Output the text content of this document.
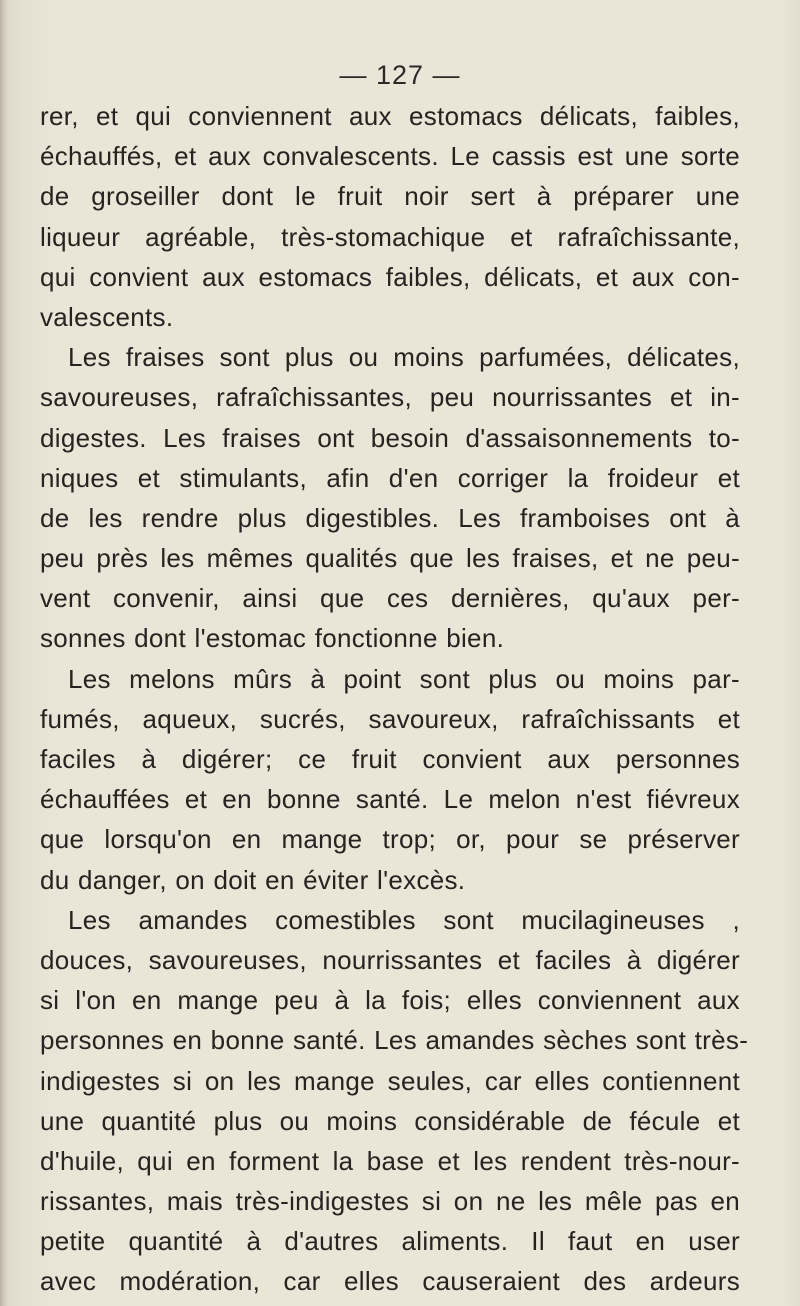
— 127 —
rer, et qui conviennent aux estomacs délicats, faibles,
échauffés, et aux convalescents. Le cassis est une sorte
de groseiller dont le fruit noir sert à préparer une
liqueur agréable, très-stomachique et rafraîchissante,
qui convient aux estomacs faibles, délicats, et aux con-
valescents.
Les fraises sont plus ou moins parfumées, délicates,
savoureuses, rafraîchissantes, peu nourrissantes et in-
digestes. Les fraises ont besoin d'assaisonnements to-
niques et stimulants, afin d'en corriger la froideur et
de les rendre plus digestibles. Les framboises ont à
peu près les mêmes qualités que les fraises, et ne peu-
vent convenir, ainsi que ces dernières, qu'aux per-
sonnes dont l'estomac fonctionne bien.
Les melons mûrs à point sont plus ou moins par-
fumés, aqueux, sucrés, savoureux, rafraîchissants et
faciles à digérer; ce fruit convient aux personnes
échauffées et en bonne santé. Le melon n'est fiévreux
que lorsqu'on en mange trop; or, pour se préserver
du danger, on doit en éviter l'excès.
Les amandes comestibles sont mucilagineuses ,
douces, savoureuses, nourrissantes et faciles à digérer
si l'on en mange peu à la fois; elles conviennent aux
personnes en bonne santé. Les amandes sèches sont très-
indigestes si on les mange seules, car elles contiennent
une quantité plus ou moins considérable de fécule et
d'huile, qui en forment la base et les rendent très-nour-
rissantes, mais très-indigestes si on ne les mêle pas en
petite quantité à d'autres aliments. Il faut en user
avec modération, car elles causeraient des ardeurs
